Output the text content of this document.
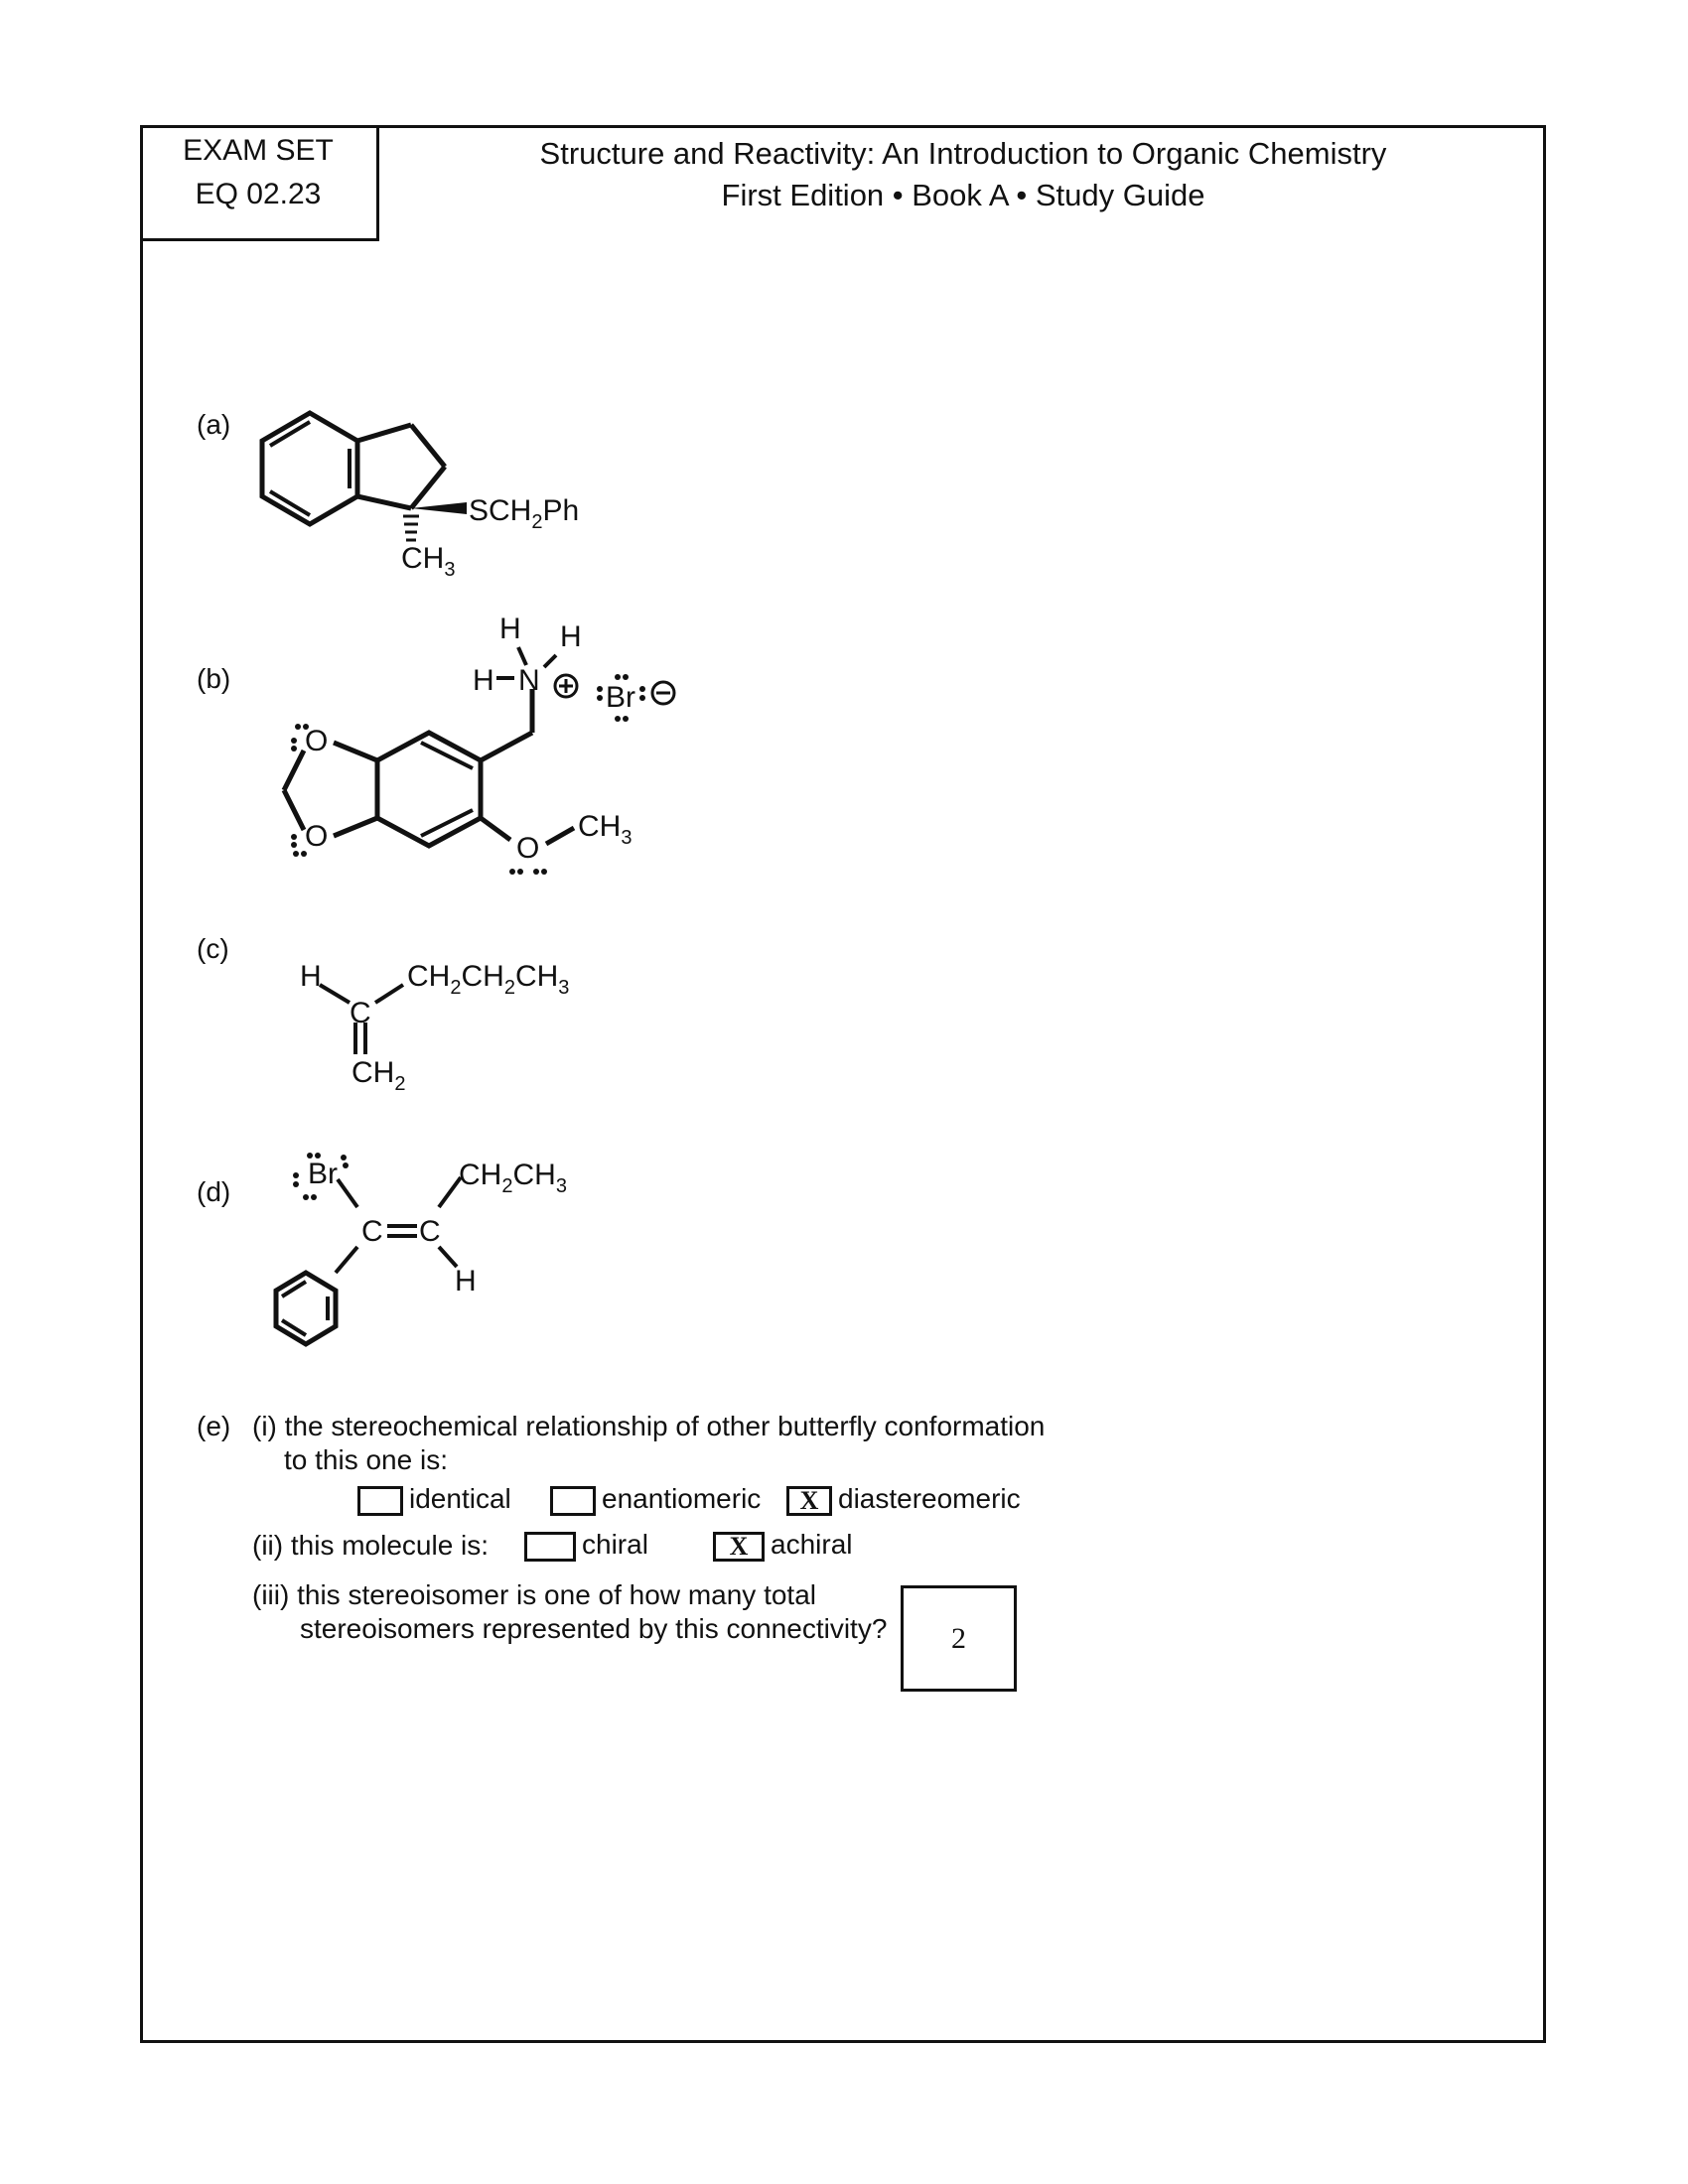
EXAM SET
EQ 02.23
Structure and Reactivity: An Introduction to Organic Chemistry
First Edition • Book A • Study Guide
(a)
(b)
(c)
(d)
$SCH_2Ph$
$CH_3$
H H
H N
Br
O
O	O
$CH_3$
H
C
$CH_2CH_2CH_3$
$CH_2$
Br	$CH_2CH_3$
C C
H
(e) (i) the stereochemical relationship of other butterfly conformation
to this one is:
identical	enantiomeric	X diastereomeric
(ii) this molecule is:	chiral	X achiral
(iii) this stereoisomer is one of how many total
stereoisomers represented by this connectivity?	2
